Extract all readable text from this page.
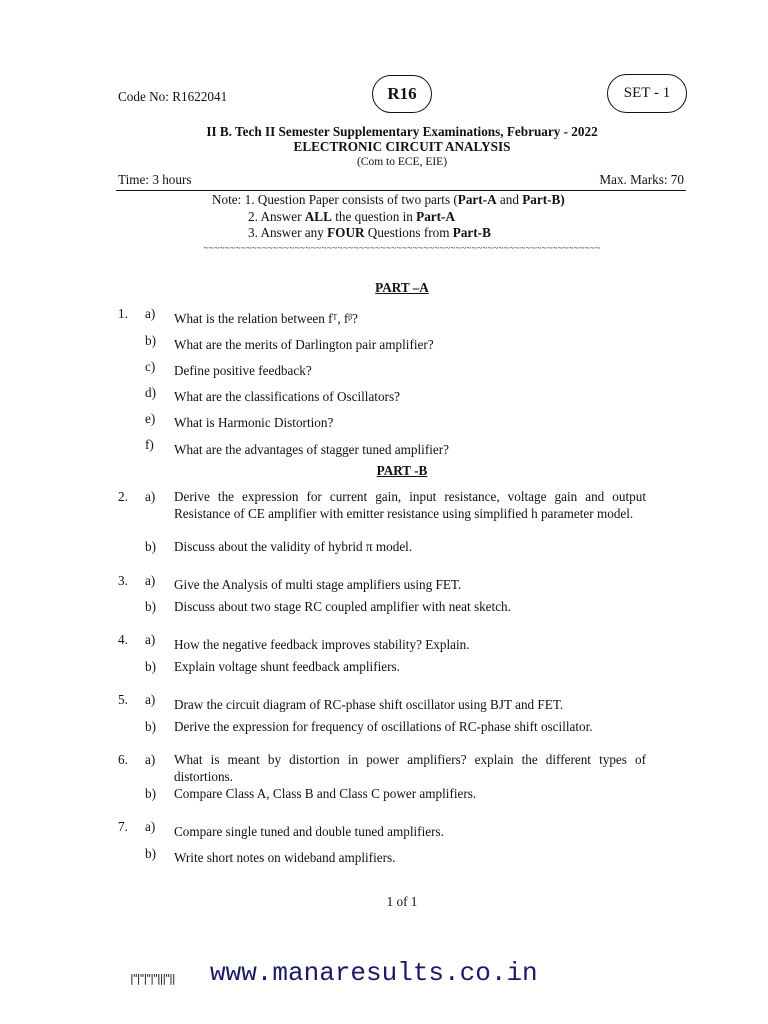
Code No: R1622041	R16	SET - 1
II B. Tech II Semester Supplementary Examinations, February - 2022
ELECTRONIC CIRCUIT ANALYSIS
(Com to ECE, EIE)
Time: 3 hours	Max. Marks: 70
Note: 1. Question Paper consists of two parts (Part-A and Part-B)
2. Answer ALL the question in Part-A
3. Answer any FOUR Questions from Part-B
~~~~~~~~~~~~~~~~~~~~~~~~~~~~~~~~~~~~~~~~~~~~~~~~~~~~~~~~~~~~~~~~~~~~~~~~~~
PART –A
1. a) What is the relation between fᵀ, fᵝ?
b) What are the merits of Darlington pair amplifier?
c) Define positive feedback?
d) What are the classifications of Oscillators?
e) What is Harmonic Distortion?
f) What are the advantages of stagger tuned amplifier?
PART -B
2. a) Derive the expression for current gain, input resistance, voltage gain and output Resistance of CE amplifier with emitter resistance using simplified h parameter model.
b) Discuss about the validity of hybrid π model.
3. a) Give the Analysis of multi stage amplifiers using FET.
b) Discuss about two stage RC coupled amplifier with neat sketch.
4. a) How the negative feedback improves stability? Explain.
b) Explain voltage shunt feedback amplifiers.
5. a) Draw the circuit diagram of RC-phase shift oscillator using BJT and FET.
b) Derive the expression for frequency of oscillations of RC-phase shift oscillator.
6. a) What is meant by distortion in power amplifiers? explain the different types of distortions.
b) Compare Class A, Class B and Class C power amplifiers.
7. a) Compare single tuned and double tuned amplifiers.
b) Write short notes on wideband amplifiers.
1 of 1
|''|''|''|''|||''|| www.manaresults.co.in
